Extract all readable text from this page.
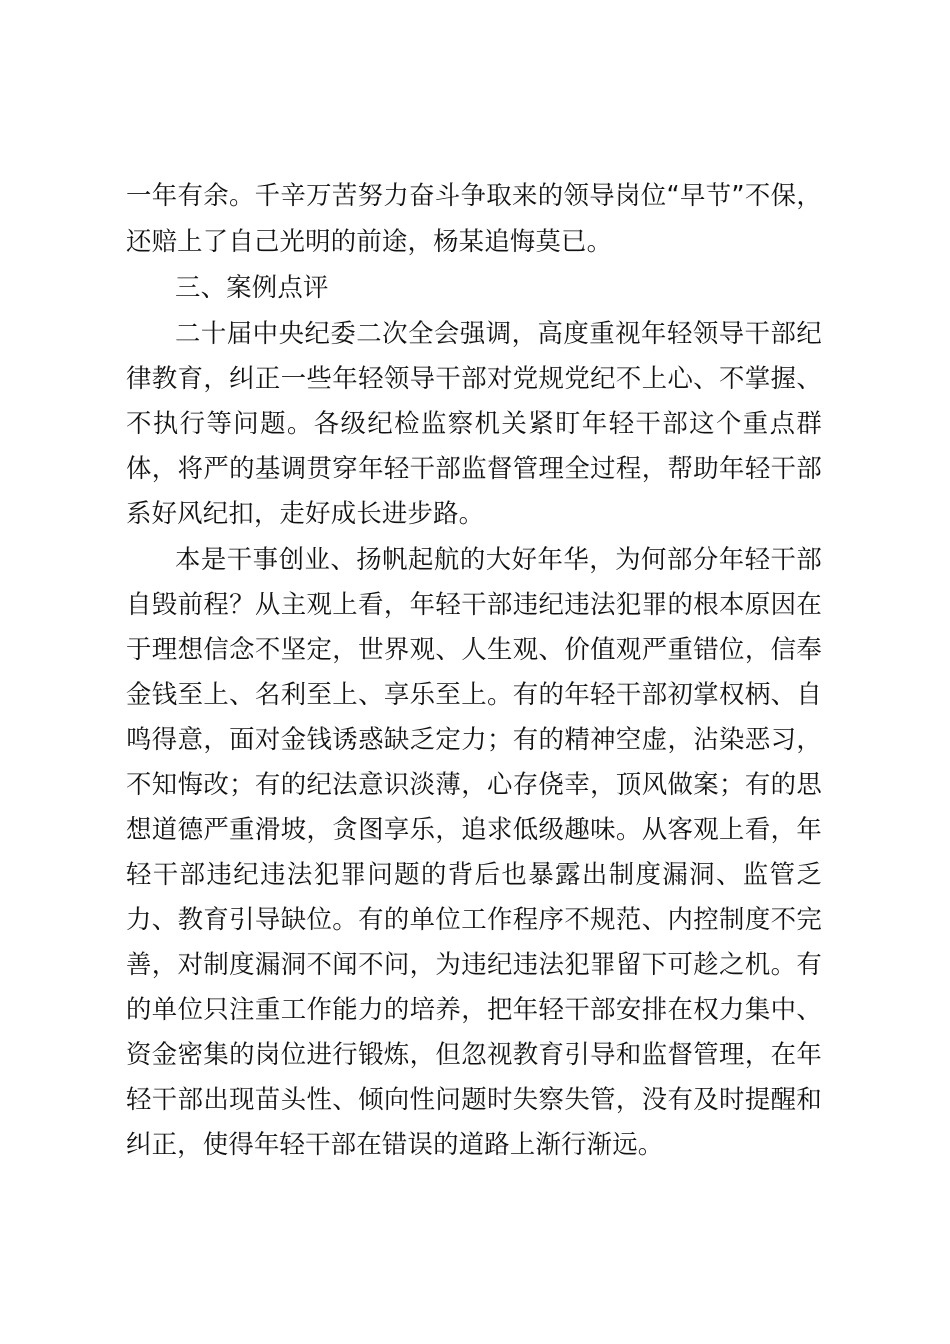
一年有余。千辛万苦努力奋斗争取来的领导岗位“早节”不保，
还赔上了自己光明的前途，杨某追悔莫已。
三、案例点评
二十届中央纪委二次全会强调，高度重视年轻领导干部纪
律教育，纠正一些年轻领导干部对党规党纪不上心、不掌握、
不执行等问题。各级纪检监察机关紧盯年轻干部这个重点群
体，将严的基调贯穿年轻干部监督管理全过程，帮助年轻干部
系好风纪扣，走好成长进步路。
本是干事创业、扬帆起航的大好年华，为何部分年轻干部
自毁前程？从主观上看，年轻干部违纪违法犯罪的根本原因在
于理想信念不坚定，世界观、人生观、价值观严重错位，信奉
金钱至上、名利至上、享乐至上。有的年轻干部初掌权柄、自
鸣得意，面对金钱诱惑缺乏定力；有的精神空虚，沾染恶习，
不知悔改；有的纪法意识淡薄，心存侥幸，顶风做案；有的思
想道德严重滑坡，贪图享乐，追求低级趣味。从客观上看，年
轻干部违纪违法犯罪问题的背后也暴露出制度漏洞、监管乏
力、教育引导缺位。有的单位工作程序不规范、内控制度不完
善，对制度漏洞不闻不问，为违纪违法犯罪留下可趁之机。有
的单位只注重工作能力的培养，把年轻干部安排在权力集中、
资金密集的岗位进行锻炼，但忽视教育引导和监督管理，在年
轻干部出现苗头性、倾向性问题时失察失管，没有及时提醒和
纠正，使得年轻干部在错误的道路上渐行渐远。
